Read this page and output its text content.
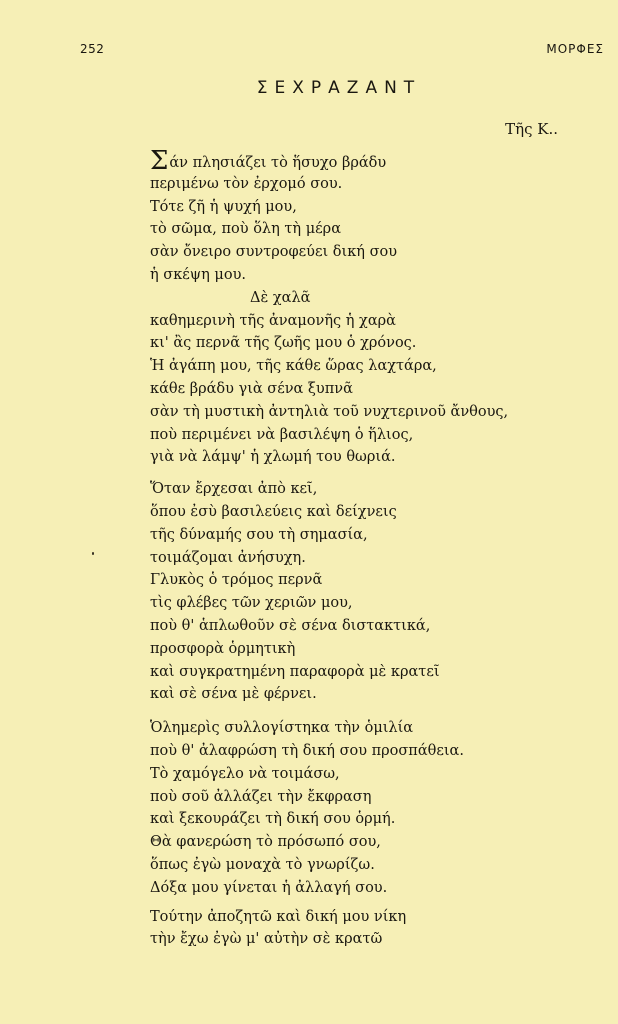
252	ΜΟΡΦΕΣ
ΣΕΧΡΑΖΑΝΤ
Τῆς Κ..
Σάν πλησιάζει τὸ ἥσυχο βράδυ
περιμένω τὸν ἐρχομό σου.
Τότε ζῆ ἡ ψυχή μου,
τὸ σῶμα, ποὺ ὅλη τὴ μέρα
σὰν ὄνειρο συντροφεύει δική σου
ἡ σκέψη μου.
Δὲ χαλᾶ
καθημερινὴ τῆς ἀναμονῆς ἡ χαρὰ
κι' ἂς περνᾶ τῆς ζωῆς μου ὁ χρόνος.
Ἡ ἀγάπη μου, τῆς κάθε ὥρας λαχτάρα,
κάθε βράδυ γιὰ σένα ξυπνᾶ
σὰν τὴ μυστικὴ ἀντηλιὰ τοῦ νυχτερινοῦ ἄνθους,
ποὺ περιμένει νὰ βασιλέψη ὁ ἥλιος,
γιὰ νὰ λάμψ' ἡ χλωμή του θωριά.
Ὅταν ἔρχεσαι ἀπὸ κεῖ,
ὅπου ἐσὺ βασιλεύεις καὶ δείχνεις
τῆς δύναμής σου τὴ σημασία,
τοιμάζομαι ἀνήσυχη.
Γλυκὸς ὁ τρόμος περνᾶ
τὶς φλέβες τῶν χεριῶν μου,
ποὺ θ' ἁπλωθοῦν σὲ σένα διστακτικά,
προσφορὰ ὁρμητικὴ
καὶ συγκρατημένη παραφορὰ μὲ κρατεῖ
καὶ σὲ σένα μὲ φέρνει.
Ὁλημερὶς συλλογίστηκα τὴν ὁμιλία
ποὺ θ' ἀλαφρώση τὴ δική σου προσπάθεια.
Τὸ χαμόγελο νὰ τοιμάσω,
ποὺ σοῦ ἀλλάζει τὴν ἔκφραση
καὶ ξεκουράζει τὴ δική σου ὁρμή.
Θὰ φανερώση τὸ πρόσωπό σου,
ὅπως ἐγὼ μοναχὰ τὸ γνωρίζω.
Δόξα μου γίνεται ἡ ἀλλαγή σου.
Τούτην ἀποζητῶ καὶ δική μου νίκη
τὴν ἔχω ἐγὼ μ' αὐτὴν σὲ κρατῶ
